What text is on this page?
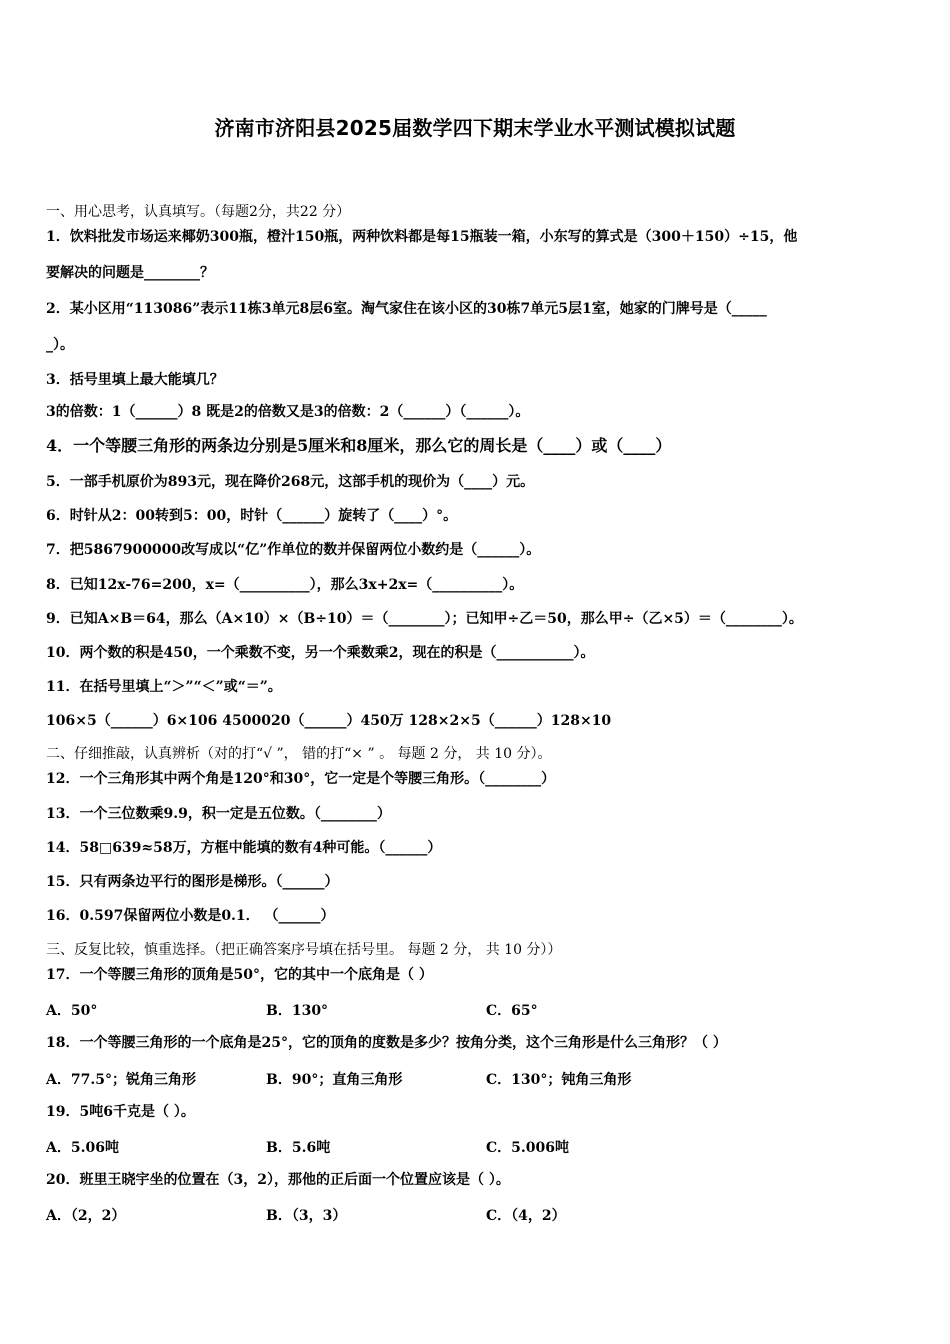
济南市济阳县2025届数学四下期末学业水平测试模拟试题
一、用心思考，认真填写。（每题2分，共22 分）
1．饮料批发市场运来椰奶300瓶，橙汁150瓶，两种饮料都是每15瓶装一箱，小东写的算式是（300＋150）÷15，他
要解决的问题是________？
2．某小区用“113086”表示11栋3单元8层6室。淘气家住在该小区的30栋7单元5层1室，她家的门牌号是（_____
_）。
3．括号里填上最大能填几？
3的倍数：1（______）8 既是2的倍数又是3的倍数：2（______）（______）。
4．一个等腰三角形的两条边分别是5厘米和8厘米，那么它的周长是（____）或（____）
5．一部手机原价为893元，现在降价268元，这部手机的现价为（____）元。
6．时针从2：00转到5：00，时针（______）旋转了（____）°。
7．把5867900000改写成以“亿”作单位的数并保留两位小数约是（______）。
8．已知12x-76=200，x=（__________），那么3x+2x=（__________）。
9．已知A×B＝64，那么（A×10）×（B÷10）＝（________）；已知甲÷乙＝50，那么甲÷（乙×5）＝（________）。
10．两个数的积是450，一个乘数不变，另一个乘数乘2，现在的积是（___________）。
11．在括号里填上“＞”“＜”或“＝”。
106×5（______）6×106 4500020（______）450万 128×2×5（______）128×10
二、仔细推敲，认真辨析（对的打“√ ”， 错的打“× ” 。 每题 2 分， 共 10 分）。
12．一个三角形其中两个角是120°和30°，它一定是个等腰三角形。（________）
13．一个三位数乘9.9，积一定是五位数。（________）
14．58□639≈58万，方框中能填的数有4种可能。（______）
15．只有两条边平行的图形是梯形。（______）
16．0.597保留两位小数是0.1． （______）
三、反复比较，慎重选择。（把正确答案序号填在括号里。 每题 2 分， 共 10 分））
17．一个等腰三角形的顶角是50°，它的其中一个底角是（ ）
A．50°	B．130°	C．65°
18．一个等腰三角形的一个底角是25°，它的顶角的度数是多少？按角分类，这个三角形是什么三角形？（ ）
A．77.5°；锐角三角形	B．90°；直角三角形	C．130°；钝角三角形
19．5吨6千克是（ ）。
A．5.06吨	B．5.6吨	C．5.006吨
20．班里王晓宇坐的位置在（3，2），那他的正后面一个位置应该是（ ）。
A．（2，2）	B．（3，3）	C．（4，2）
